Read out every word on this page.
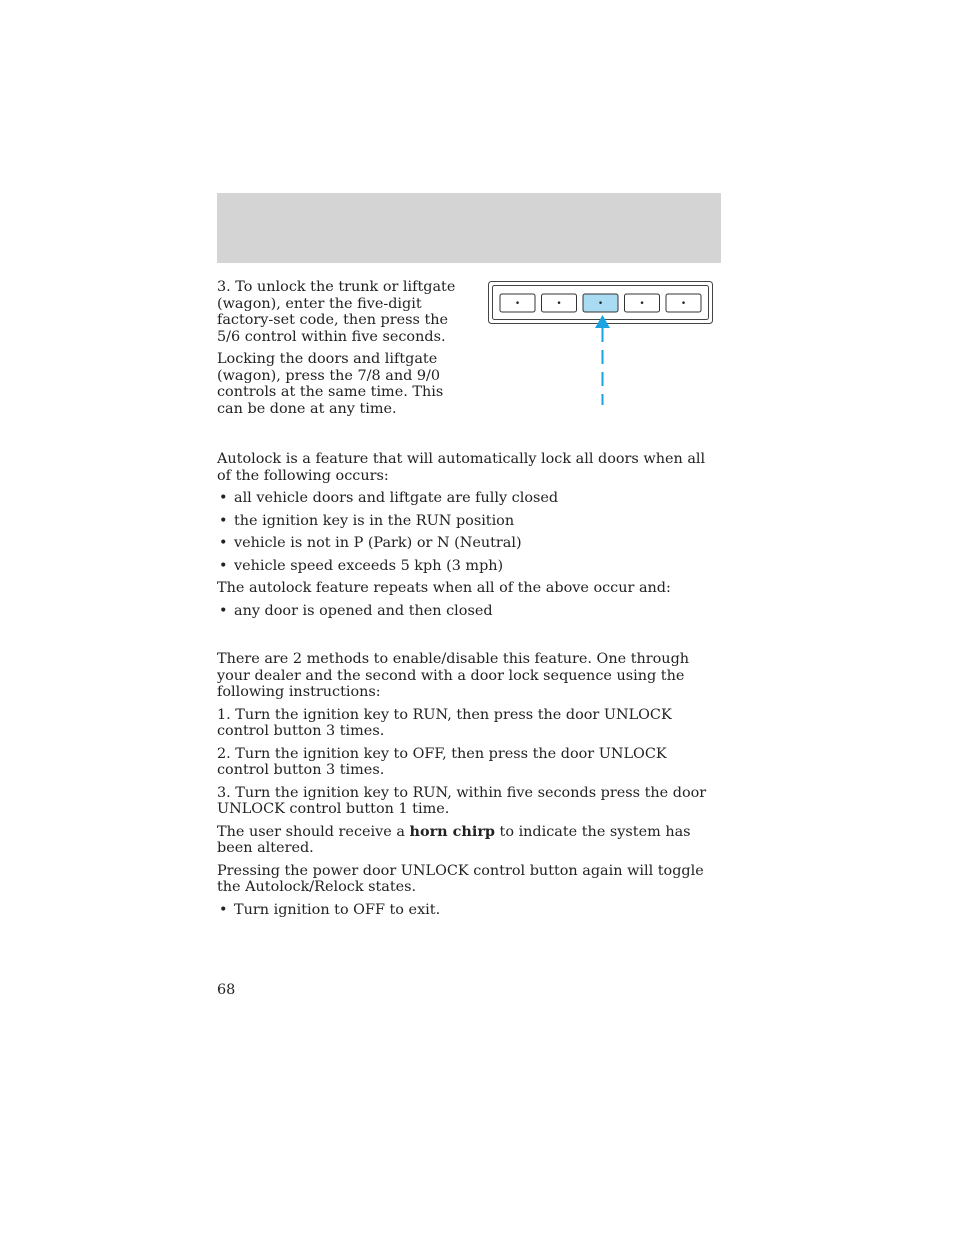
3. To unlock the trunk or liftgate (wagon), enter the five-digit factory-set code, then press the 5/6 control within five seconds.

Locking the doors and liftgate (wagon), press the 7/8 and 9/0 controls at the same time. This can be done at any time.

•	•	•	•	•

Autolock is a feature that will automatically lock all doors when all of the following occurs:

• all vehicle doors and liftgate are fully closed
• the ignition key is in the RUN position
• vehicle is not in P (Park) or N (Neutral)
• vehicle speed exceeds 5 kph (3 mph)

The autolock feature repeats when all of the above occur and:

• any door is opened and then closed

There are 2 methods to enable/disable this feature. One through your dealer and the second with a door lock sequence using the following instructions:

1. Turn the ignition key to RUN, then press the door UNLOCK control button 3 times.

2. Turn the ignition key to OFF, then press the door UNLOCK control button 3 times.

3. Turn the ignition key to RUN, within five seconds press the door UNLOCK control button 1 time.

The user should receive a horn chirp to indicate the system has been altered.

Pressing the power door UNLOCK control button again will toggle the Autolock/Relock states.

• Turn ignition to OFF to exit.
68
